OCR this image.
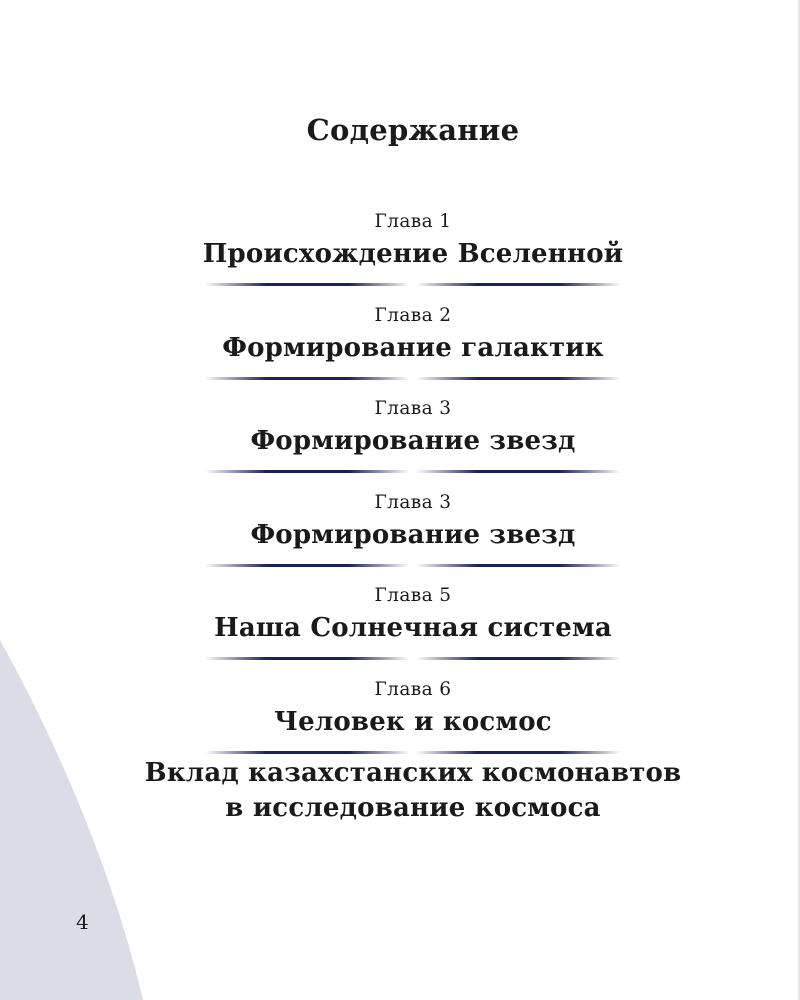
Содержание
Глава 1
Происхождение Вселенной
Глава 2
Формирование галактик
Глава 3
Формирование звезд
Глава 3
Формирование звезд
Глава 5
Наша Солнечная система
Глава 6
Человек и космос
Вклад казахстанских космонавтов
в исследование космоса
4
